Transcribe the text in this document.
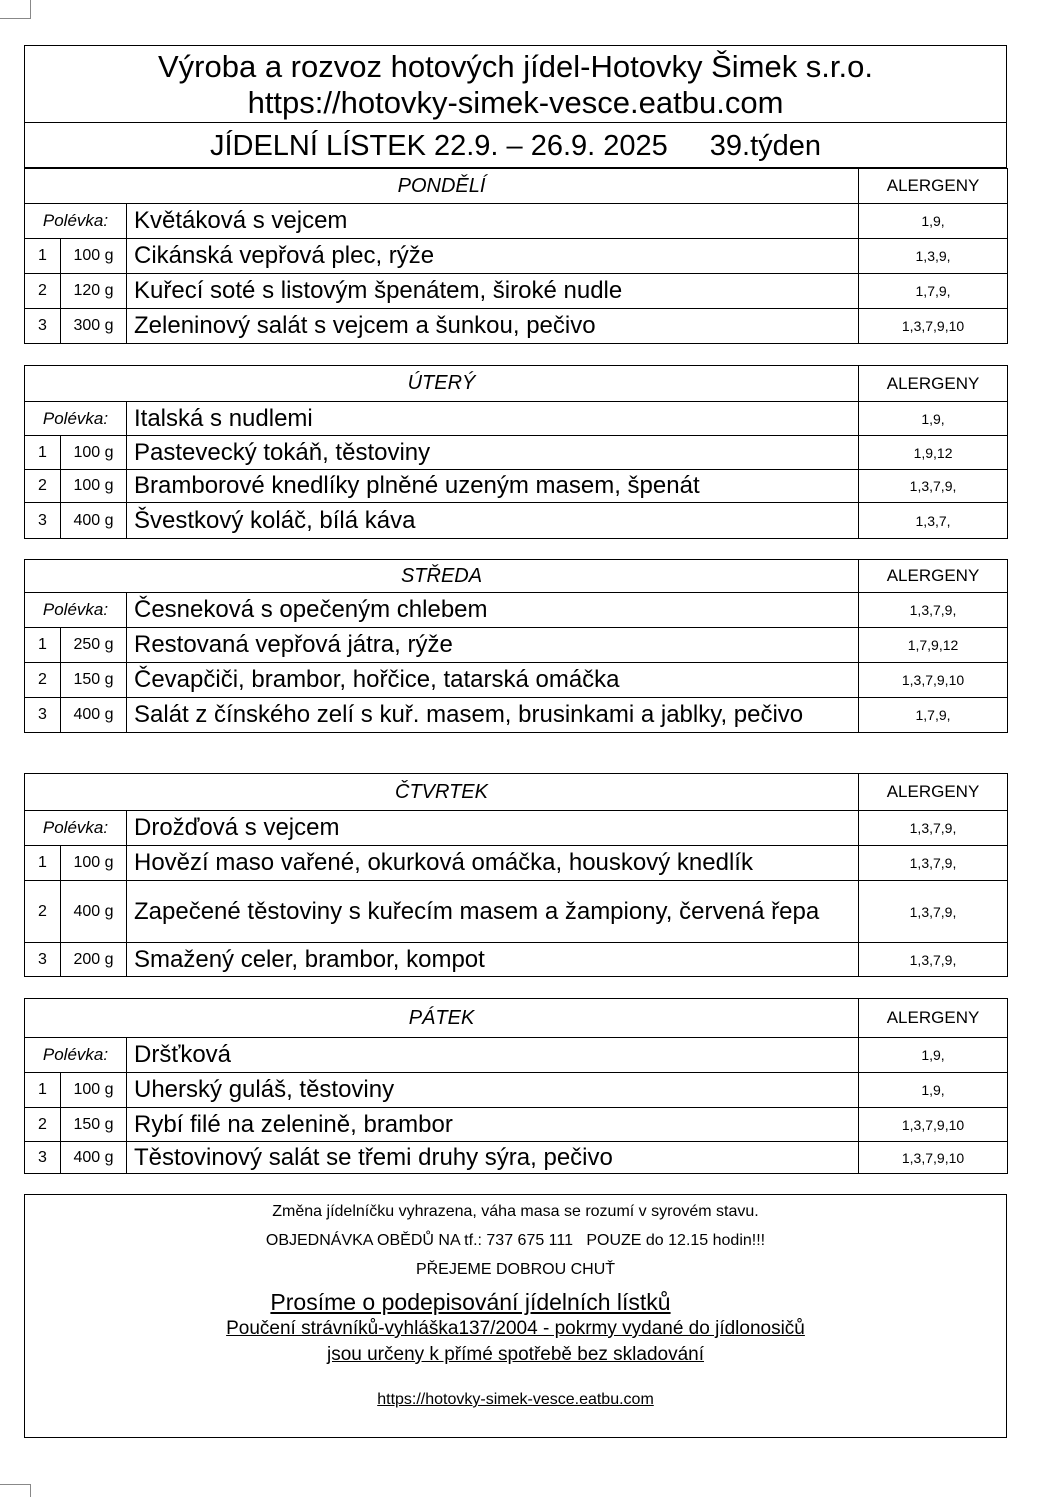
Výroba a rozvoz hotových jídel-Hotovky Šimek s.r.o.
https://hotovky-simek-vesce.eatbu.com
JÍDELNÍ LÍSTEK 22.9. – 26.9. 2025 39.týden
PONDĚLÍ			ALERGENY
Polévka:		Květáková s vejcem	1,9,
1	100 g	Cikánská vepřová plec, rýže	1,3,9,
2	120 g	Kuřecí soté s listovým špenátem, široké nudle	1,7,9,
3	300 g	Zeleninový salát s vejcem a šunkou, pečivo	1,3,7,9,10
ÚTERÝ			ALERGENY
Polévka:		Italská s nudlemi	1,9,
1	100 g	Pastevecký tokáň, těstoviny	1,9,12
2	100 g	Bramborové knedlíky plněné uzeným masem, špenát	1,3,7,9,
3	400 g	Švestkový koláč, bílá káva	1,3,7,
STŘEDA			ALERGENY
Polévka:		Česneková s opečeným chlebem	1,3,7,9,
1	250 g	Restovaná vepřová játra, rýže	1,7,9,12
2	150 g	Čevapčiči, brambor, hořčice, tatarská omáčka	1,3,7,9,10
3	400 g	Salát z čínského zelí s kuř. masem, brusinkami a jablky, pečivo	1,7,9,
ČTVRTEK			ALERGENY
Polévka:		Drožďová s vejcem	1,3,7,9,
1	100 g	Hovězí maso vařené, okurková omáčka, houskový knedlík	1,3,7,9,
2	400 g	Zapečené těstoviny s kuřecím masem a žampiony, červená řepa	1,3,7,9,
3	200 g	Smažený celer, brambor, kompot	1,3,7,9,
PÁTEK			ALERGENY
Polévka:		Dršťková	1,9,
1	100 g	Uherský guláš, těstoviny	1,9,
2	150 g	Rybí filé na zelenině, brambor	1,3,7,9,10
3	400 g	Těstovinový salát se třemi druhy sýra, pečivo	1,3,7,9,10
Změna jídelníčku vyhrazena, váha masa se rozumí v syrovém stavu.
OBJEDNÁVKA OBĚDŮ NA tf.: 737 675 111   POUZE do 12.15 hodin!!!
PŘEJEME DOBROU CHUŤ
Prosíme o podepisování jídelních lístků
Poučení strávníků-vyhláška137/2004 - pokrmy vydané do jídlonosičů
jsou určeny k přímé spotřebě bez skladování
https://hotovky-simek-vesce.eatbu.com
